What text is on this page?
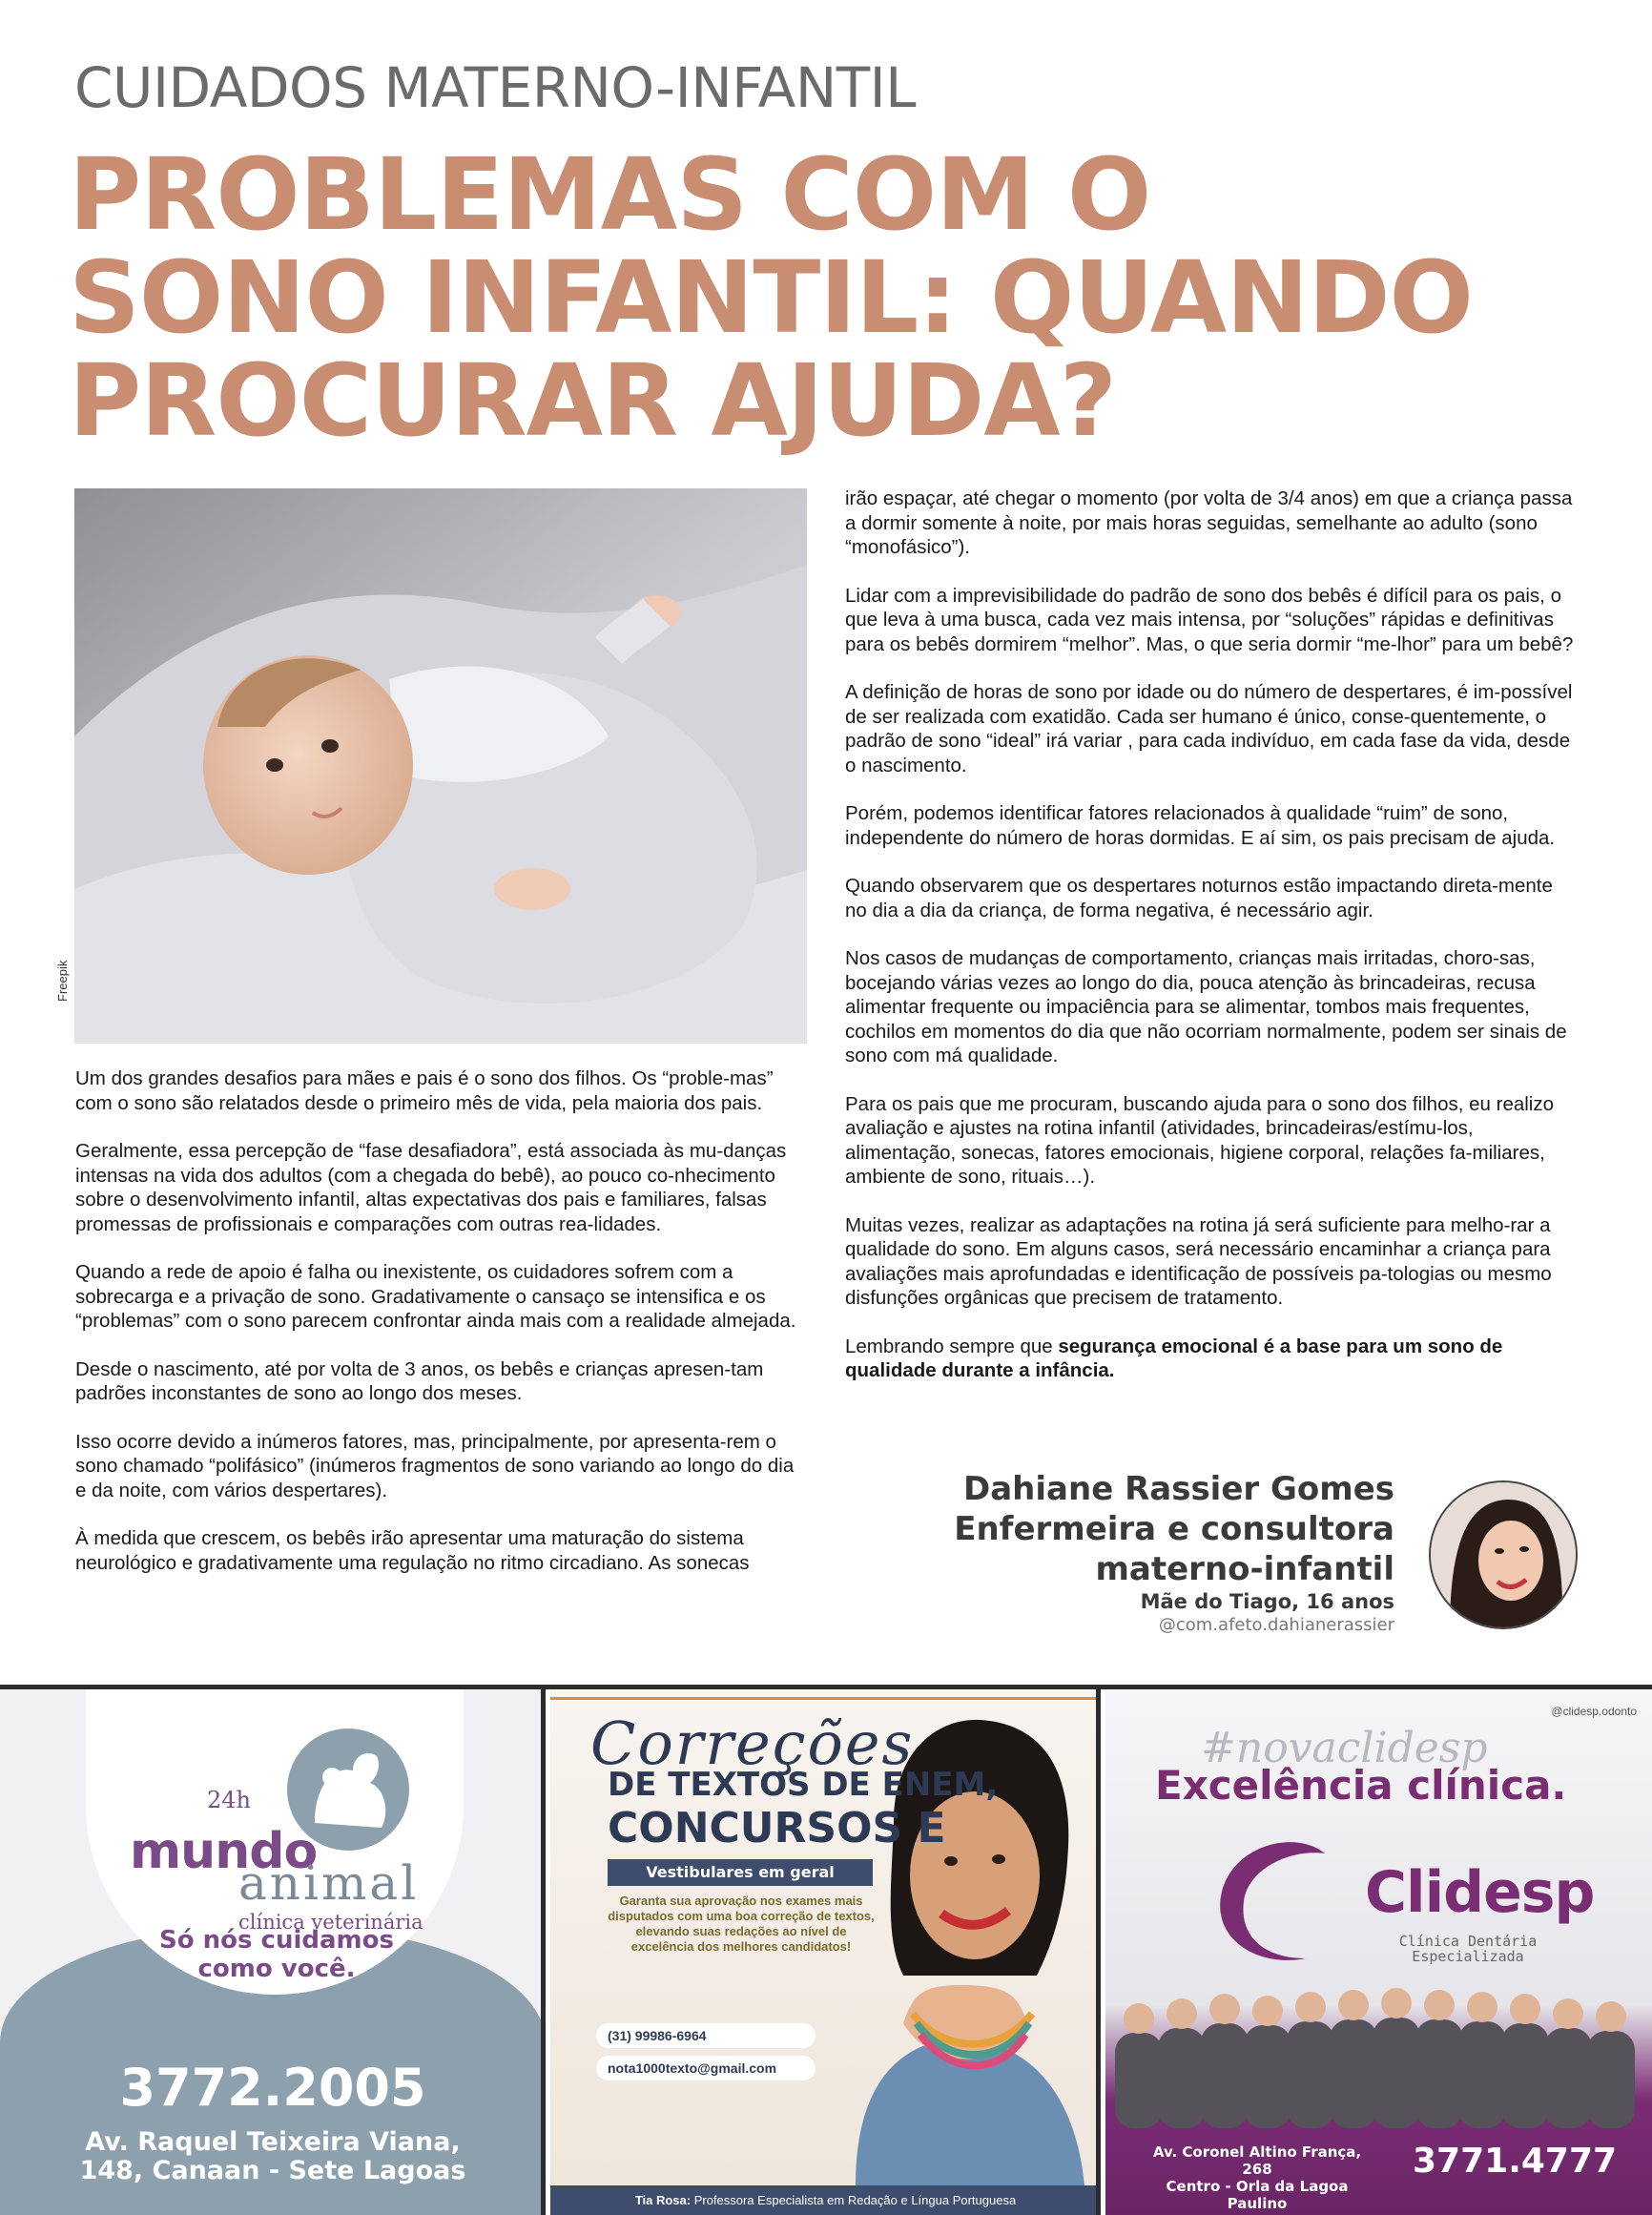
CUIDADOS MATERNO-INFANTIL
PROBLEMAS COM O
SONO INFANTIL: QUANDO
PROCURAR AJUDA?
Freepik

Um dos grandes desafios para mães e pais é o sono dos filhos. Os “proble-mas” com o sono são relatados desde o primeiro mês de vida, pela maioria dos pais.

Geralmente, essa percepção de “fase desafiadora”, está associada às mu-danças intensas na vida dos adultos (com a chegada do bebê), ao pouco co-nhecimento sobre o desenvolvimento infantil, altas expectativas dos pais e familiares, falsas promessas de profissionais e comparações com outras rea-lidades.

Quando a rede de apoio é falha ou inexistente, os cuidadores sofrem com a sobrecarga e a privação de sono. Gradativamente o cansaço se intensifica e os “problemas” com o sono parecem confrontar ainda mais com a realidade almejada.

Desde o nascimento, até por volta de 3 anos, os bebês e crianças apresen-tam padrões inconstantes de sono ao longo dos meses.

Isso ocorre devido a inúmeros fatores, mas, principalmente, por apresenta-rem o sono chamado “polifásico” (inúmeros fragmentos de sono variando ao longo do dia e da noite, com vários despertares).

À medida que crescem, os bebês irão apresentar uma maturação do sistema neurológico e gradativamente uma regulação no ritmo circadiano. As sonecas

irão espaçar, até chegar o momento (por volta de 3/4 anos) em que a criança passa a dormir somente à noite, por mais horas seguidas, semelhante ao adulto (sono “monofásico”).

Lidar com a imprevisibilidade do padrão de sono dos bebês é difícil para os pais, o que leva à uma busca, cada vez mais intensa, por “soluções” rápidas e definitivas para os bebês dormirem “melhor”. Mas, o que seria dormir “me-lhor” para um bebê?

A definição de horas de sono por idade ou do número de despertares, é im-possível de ser realizada com exatidão. Cada ser humano é único, conse-quentemente, o padrão de sono “ideal” irá variar , para cada indivíduo, em cada fase da vida, desde o nascimento.

Porém, podemos identificar fatores relacionados à qualidade “ruim” de sono, independente do número de horas dormidas. E aí sim, os pais precisam de ajuda.

Quando observarem que os despertares noturnos estão impactando direta-mente no dia a dia da criança, de forma negativa, é necessário agir.

Nos casos de mudanças de comportamento, crianças mais irritadas, choro-sas, bocejando várias vezes ao longo do dia, pouca atenção às brincadeiras, recusa alimentar frequente ou impaciência para se alimentar, tombos mais frequentes, cochilos em momentos do dia que não ocorriam normalmente, podem ser sinais de sono com má qualidade.

Para os pais que me procuram, buscando ajuda para o sono dos filhos, eu realizo avaliação e ajustes na rotina infantil (atividades, brincadeiras/estímu-los, alimentação, sonecas, fatores emocionais, higiene corporal, relações fa-miliares, ambiente de sono, rituais…).

Muitas vezes, realizar as adaptações na rotina já será suficiente para melho-rar a qualidade do sono. Em alguns casos, será necessário encaminhar a criança para avaliações mais aprofundadas e identificação de possíveis pa-tologias ou mesmo disfunções orgânicas que precisem de tratamento.

Lembrando sempre que segurança emocional é a base para um sono de qualidade durante a infância.

Dahiane Rassier Gomes
Enfermeira e consultora
materno-infantil
Mãe do Tiago, 16 anos
@com.afeto.dahianerassier
24h
mundo
animal
clínica veterinária
Só nós cuidamos como você.
3772.2005
Av. Raquel Teixeira Viana,
148, Canaan - Sete Lagoas
Correções
DE TEXTOS DE ENEM,
CONCURSOS E
Vestibulares em geral
Garanta sua aprovação nos exames mais disputados com uma boa correção de textos, elevando suas redações ao nível de excelência dos melhores candidatos!
(31) 99986-6964
nota1000texto@gmail.com
Tia Rosa: Professora Especialista em Redação e Língua Portuguesa
@clidesp.odonto
#novaclidesp
Excelência clínica.
Clidesp
Clínica Dentária Especializada
Av. Coronel Altino França, 268
Centro - Orla da Lagoa Paulino
3771.4777
